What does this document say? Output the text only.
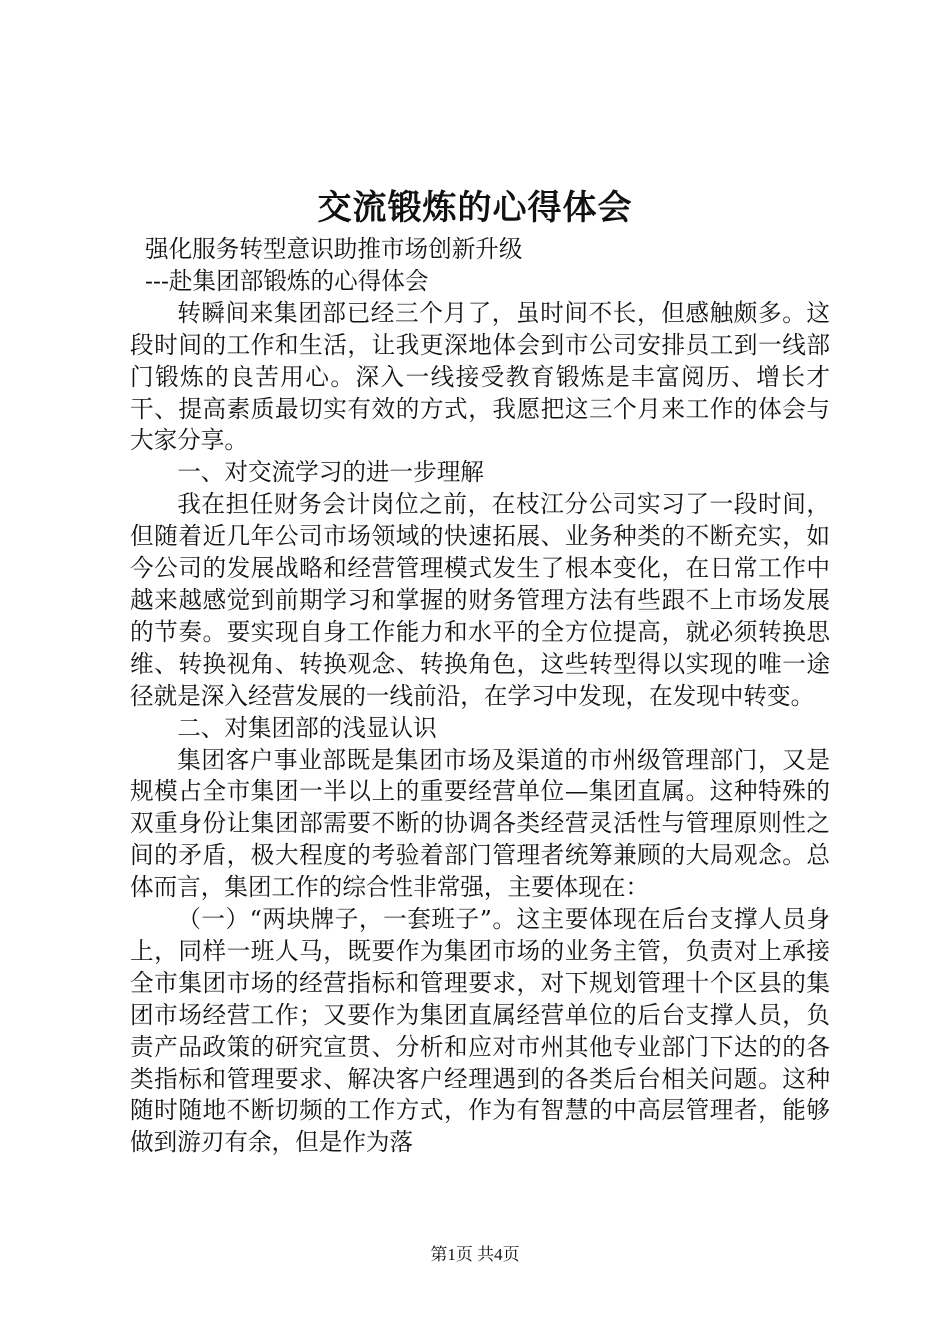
交流锻炼的心得体会

强化服务转型意识助推市场创新升级

---赴集团部锻炼的心得体会

转瞬间来集团部已经三个月了，虽时间不长，但感触颇多。这段时间的工作和生活，让我更深地体会到市公司安排员工到一线部门锻炼的良苦用心。深入一线接受教育锻炼是丰富阅历、增长才干、提高素质最切实有效的方式，我愿把这三个月来工作的体会与大家分享。

一、对交流学习的进一步理解

我在担任财务会计岗位之前，在枝江分公司实习了一段时间，但随着近几年公司市场领域的快速拓展、业务种类的不断充实，如今公司的发展战略和经营管理模式发生了根本变化，在日常工作中越来越感觉到前期学习和掌握的财务管理方法有些跟不上市场发展的节奏。要实现自身工作能力和水平的全方位提高，就必须转换思维、转换视角、转换观念、转换角色，这些转型得以实现的唯一途径就是深入经营发展的一线前沿，在学习中发现，在发现中转变。

二、对集团部的浅显认识

集团客户事业部既是集团市场及渠道的市州级管理部门，又是规模占全市集团一半以上的重要经营单位—集团直属。这种特殊的双重身份让集团部需要不断的协调各类经营灵活性与管理原则性之间的矛盾，极大程度的考验着部门管理者统筹兼顾的大局观念。总体而言，集团工作的综合性非常强，主要体现在：

（一）“两块牌子，一套班子”。这主要体现在后台支撑人员身上，同样一班人马，既要作为集团市场的业务主管，负责对上承接全市集团市场的经营指标和管理要求，对下规划管理十个区县的集团市场经营工作；又要作为集团直属经营单位的后台支撑人员，负责产品政策的研究宣贯、分析和应对市州其他专业部门下达的的各类指标和管理要求、解决客户经理遇到的各类后台相关问题。这种随时随地不断切频的工作方式，作为有智慧的中高层管理者，能够做到游刃有余，但是作为落

第1页 共4页
